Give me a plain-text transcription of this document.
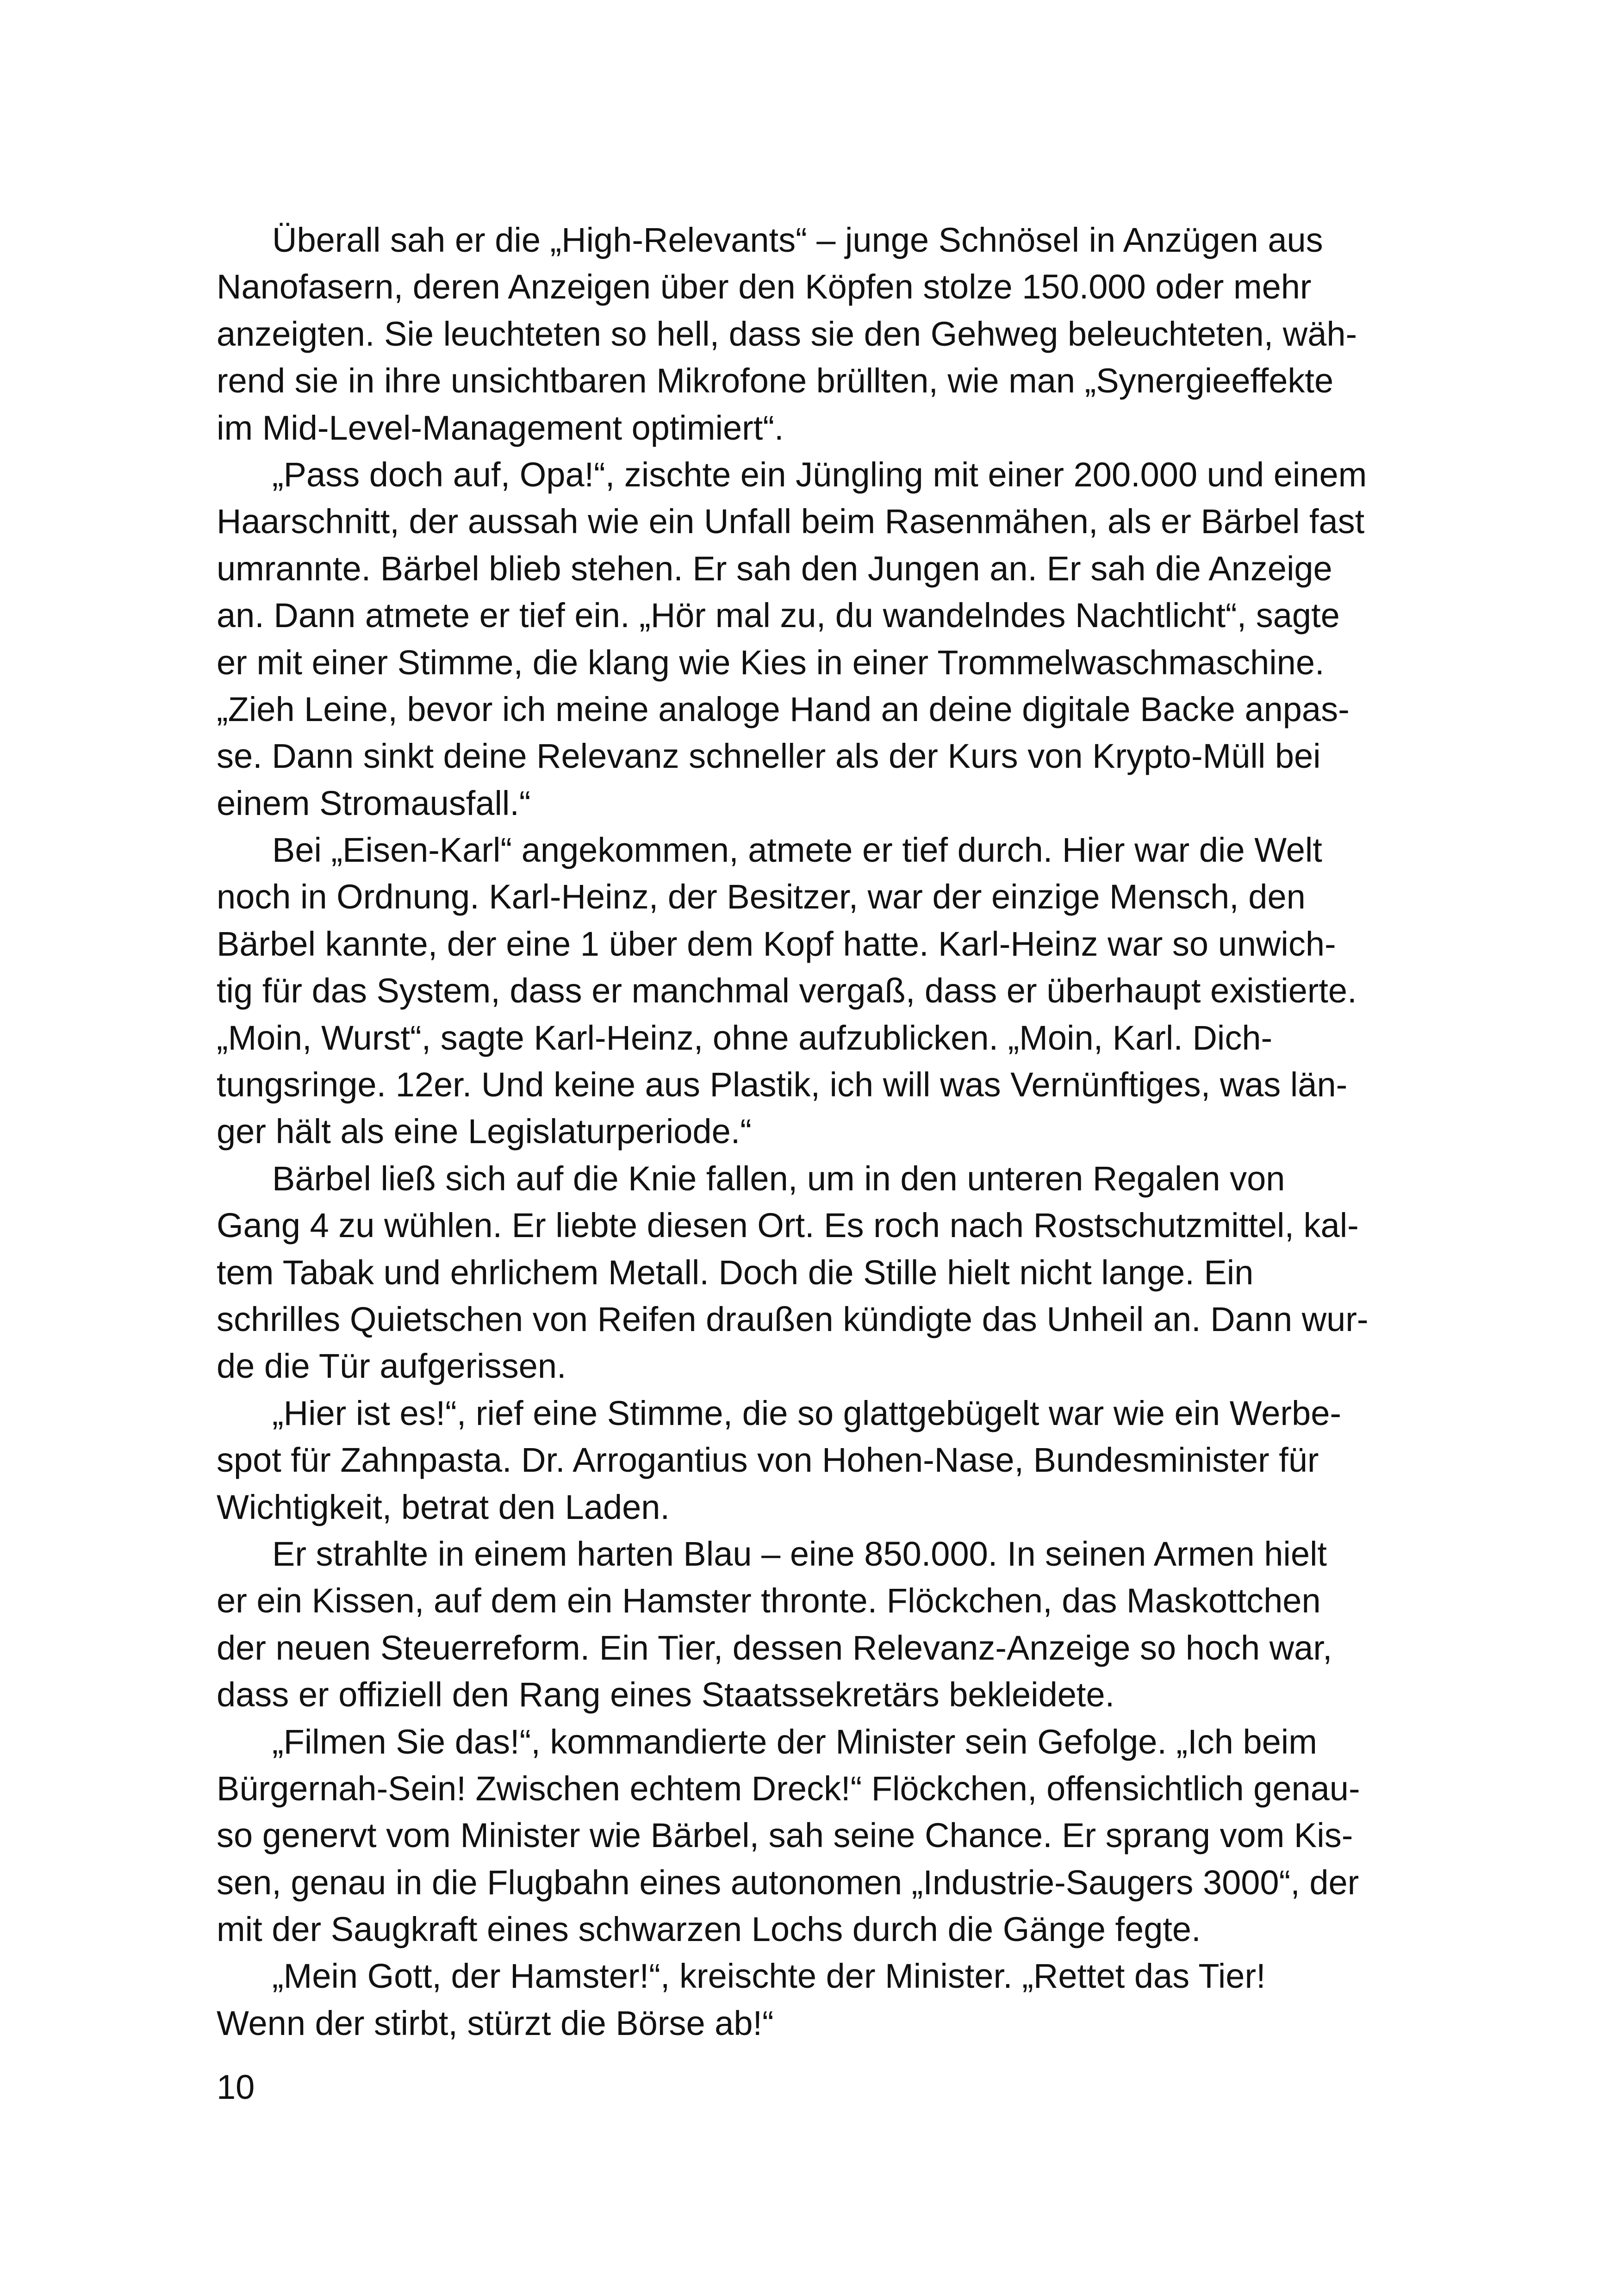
Überall sah er die „High-Relevants“ – junge Schnösel in Anzügen aus
Nanofasern, deren Anzeigen über den Köpfen stolze 150.000 oder mehr
anzeigten. Sie leuchteten so hell, dass sie den Gehweg beleuchteten, wäh-
rend sie in ihre unsichtbaren Mikrofone brüllten, wie man „Synergieeffekte
im Mid-Level-Management optimiert“.
„Pass doch auf, Opa!“, zischte ein Jüngling mit einer 200.000 und einem
Haarschnitt, der aussah wie ein Unfall beim Rasenmähen, als er Bärbel fast
umrannte. Bärbel blieb stehen. Er sah den Jungen an. Er sah die Anzeige
an. Dann atmete er tief ein. „Hör mal zu, du wandelndes Nachtlicht“, sagte
er mit einer Stimme, die klang wie Kies in einer Trommelwaschmaschine.
„Zieh Leine, bevor ich meine analoge Hand an deine digitale Backe anpas-
se. Dann sinkt deine Relevanz schneller als der Kurs von Krypto-Müll bei
einem Stromausfall.“
Bei „Eisen-Karl“ angekommen, atmete er tief durch. Hier war die Welt
noch in Ordnung. Karl-Heinz, der Besitzer, war der einzige Mensch, den
Bärbel kannte, der eine 1 über dem Kopf hatte. Karl-Heinz war so unwich-
tig für das System, dass er manchmal vergaß, dass er überhaupt existierte.
„Moin, Wurst“, sagte Karl-Heinz, ohne aufzublicken. „Moin, Karl. Dich-
tungsringe. 12er. Und keine aus Plastik, ich will was Vernünftiges, was län-
ger hält als eine Legislaturperiode.“
Bärbel ließ sich auf die Knie fallen, um in den unteren Regalen von
Gang 4 zu wühlen. Er liebte diesen Ort. Es roch nach Rostschutzmittel, kal-
tem Tabak und ehrlichem Metall. Doch die Stille hielt nicht lange. Ein
schrilles Quietschen von Reifen draußen kündigte das Unheil an. Dann wur-
de die Tür aufgerissen.
„Hier ist es!“, rief eine Stimme, die so glattgebügelt war wie ein Werbe-
spot für Zahnpasta. Dr. Arrogantius von Hohen-Nase, Bundesminister für
Wichtigkeit, betrat den Laden.
Er strahlte in einem harten Blau – eine 850.000. In seinen Armen hielt
er ein Kissen, auf dem ein Hamster thronte. Flöckchen, das Maskottchen
der neuen Steuerreform. Ein Tier, dessen Relevanz-Anzeige so hoch war,
dass er offiziell den Rang eines Staatssekretärs bekleidete.
„Filmen Sie das!“, kommandierte der Minister sein Gefolge. „Ich beim
Bürgernah-Sein! Zwischen echtem Dreck!“ Flöckchen, offensichtlich genau-
so genervt vom Minister wie Bärbel, sah seine Chance. Er sprang vom Kis-
sen, genau in die Flugbahn eines autonomen „Industrie-Saugers 3000“, der
mit der Saugkraft eines schwarzen Lochs durch die Gänge fegte.
„Mein Gott, der Hamster!“, kreischte der Minister. „Rettet das Tier!
Wenn der stirbt, stürzt die Börse ab!“
10
